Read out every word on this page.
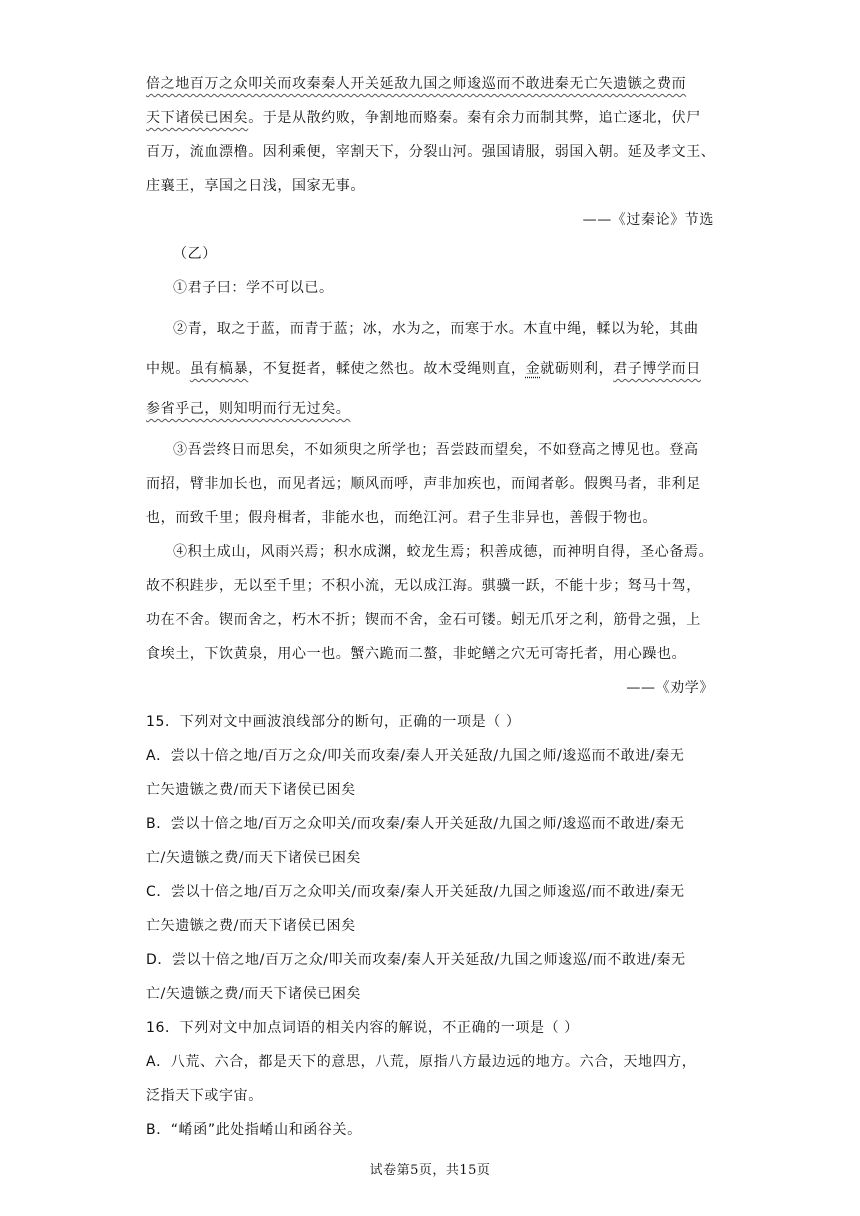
倍之地百万之众叩关而攻秦秦人开关延敌九国之师逡巡而不敢进秦无亡矢遗镞之费而
天下诸侯已困矣。于是从散约败，争割地而赂秦。秦有余力而制其弊，追亡逐北，伏尸
百万，流血漂橹。因利乘便，宰割天下，分裂山河。强国请服，弱国入朝。延及孝文王、
庄襄王，享国之日浅，国家无事。
——《过秦论》节选
（乙）
①君子曰：学不可以已。
②青，取之于蓝，而青于蓝；冰，水为之，而寒于水。木直中绳，輮以为轮，其曲
中规。虽有槁暴，不复挺者，輮使之然也。故木受绳则直，金就砺则利，君子博学而日
参省乎己，则知明而行无过矣。
③吾尝终日而思矣，不如须臾之所学也；吾尝跂而望矣，不如登高之博见也。登高
而招，臂非加长也，而见者远；顺风而呼，声非加疾也，而闻者彰。假舆马者，非利足
也，而致千里；假舟楫者，非能水也，而绝江河。君子生非异也，善假于物也。
④积土成山，风雨兴焉；积水成渊，蛟龙生焉；积善成德，而神明自得，圣心备焉。
故不积跬步，无以至千里；不积小流，无以成江海。骐骥一跃，不能十步；驽马十驾，
功在不舍。锲而舍之，朽木不折；锲而不舍，金石可镂。蚓无爪牙之利，筋骨之强，上
食埃土，下饮黄泉，用心一也。蟹六跪而二螯，非蛇鳝之穴无可寄托者，用心躁也。
——《劝学》
15．下列对文中画波浪线部分的断句，正确的一项是（ ）
A．尝以十倍之地/百万之众/叩关而攻秦/秦人开关延敌/九国之师/逡巡而不敢进/秦无
亡矢遗镞之费/而天下诸侯已困矣
B．尝以十倍之地/百万之众叩关/而攻秦/秦人开关延敌/九国之师/逡巡而不敢进/秦无
亡/矢遗镞之费/而天下诸侯已困矣
C．尝以十倍之地/百万之众叩关/而攻秦/秦人开关延敌/九国之师逡巡/而不敢进/秦无
亡矢遗镞之费/而天下诸侯已困矣
D．尝以十倍之地/百万之众/叩关而攻秦/秦人开关延敌/九国之师逡巡/而不敢进/秦无
亡/矢遗镞之费/而天下诸侯已困矣
16．下列对文中加点词语的相关内容的解说，不正确的一项是（ ）
A．八荒、六合，都是天下的意思，八荒，原指八方最边远的地方。六合，天地四方，
泛指天下或宇宙。
B．“崤函”此处指崤山和函谷关。
试卷第5页，共15页
